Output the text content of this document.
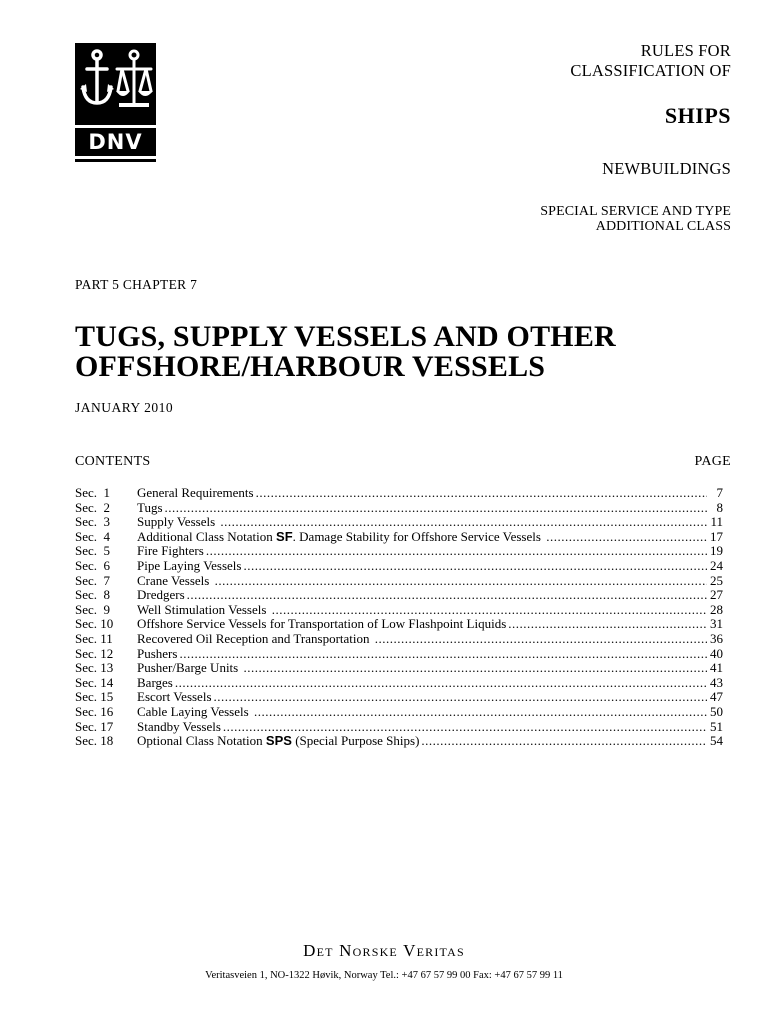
DNV
RULES FOR
CLASSIFICATION OF
SHIPS
NEWBUILDINGS
SPECIAL SERVICE AND TYPE
ADDITIONAL CLASS
PART 5 CHAPTER 7
TUGS, SUPPLY VESSELS AND OTHER
OFFSHORE/HARBOUR VESSELS
JANUARY 2010
CONTENTS	PAGE
Sec.  1	General Requirements .....	7
Sec.  2	Tugs .....	8
Sec.  3	Supply Vessels .....	11
Sec.  4	Additional Class Notation SF. Damage Stability for Offshore Service Vessels .....	17
Sec.  5	Fire Fighters .....	19
Sec.  6	Pipe Laying Vessels .....	24
Sec.  7	Crane Vessels .....	25
Sec.  8	Dredgers .....	27
Sec.  9	Well Stimulation Vessels .....	28
Sec. 10	Offshore Service Vessels for Transportation of Low Flashpoint Liquids .....	31
Sec. 11	Recovered Oil Reception and Transportation .....	36
Sec. 12	Pushers .....	40
Sec. 13	Pusher/Barge Units .....	41
Sec. 14	Barges .....	43
Sec. 15	Escort Vessels .....	47
Sec. 16	Cable Laying Vessels .....	50
Sec. 17	Standby Vessels .....	51
Sec. 18	Optional Class Notation SPS (Special Purpose Ships) .....	54
Det Norske Veritas
Veritasveien 1, NO-1322 Høvik, Norway Tel.: +47 67 57 99 00 Fax: +47 67 57 99 11
